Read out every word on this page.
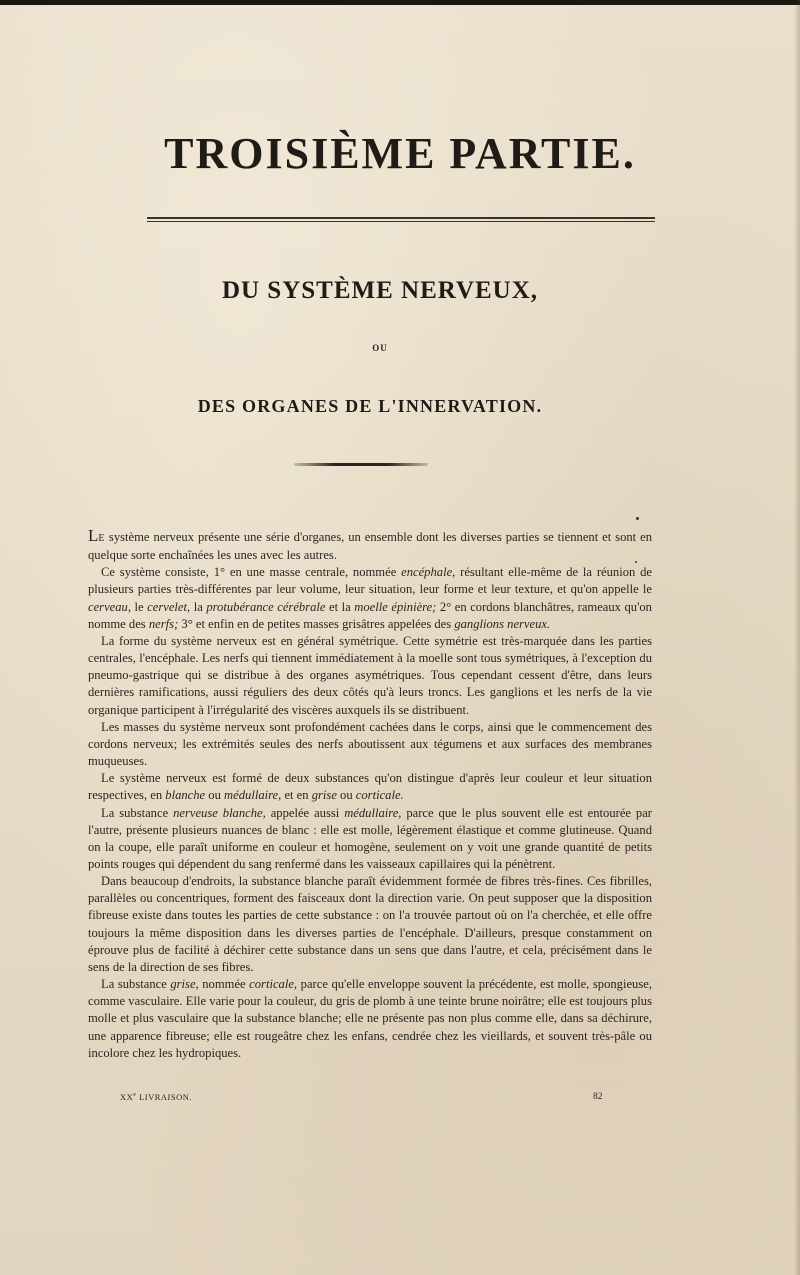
TROISIÈME PARTIE.
DU SYSTÈME NERVEUX,
OU
DES ORGANES DE L'INNERVATION.

LE système nerveux présente une série d'organes, un ensemble dont les diverses parties se tiennent et sont en quelque sorte enchaînées les unes avec les autres.

Ce système consiste, 1° en une masse centrale, nommée encéphale, résultant elle-même de la réunion de plusieurs parties très-différentes par leur volume, leur situation, leur forme et leur texture, et qu'on appelle le cerveau, le cervelet, la protubérance cérébrale et la moelle épinière; 2° en cordons blanchâtres, rameaux qu'on nomme des nerfs; 3° et enfin en de petites masses grisâtres appelées des ganglions nerveux.

La forme du système nerveux est en général symétrique. Cette symétrie est très-marquée dans les parties centrales, l'encéphale. Les nerfs qui tiennent immédiatement à la moelle sont tous symétriques, à l'exception du pneumo-gastrique qui se distribue à des organes asymétriques. Tous cependant cessent d'être, dans leurs dernières ramifications, aussi réguliers des deux côtés qu'à leurs troncs. Les ganglions et les nerfs de la vie organique participent à l'irrégularité des viscères auxquels ils se distribuent.

Les masses du système nerveux sont profondément cachées dans le corps, ainsi que le commencement des cordons nerveux; les extrémités seules des nerfs aboutissent aux tégumens et aux surfaces des membranes muqueuses.

Le système nerveux est formé de deux substances qu'on distingue d'après leur couleur et leur situation respectives, en blanche ou médullaire, et en grise ou corticale.

La substance nerveuse blanche, appelée aussi médullaire, parce que le plus souvent elle est entourée par l'autre, présente plusieurs nuances de blanc : elle est molle, légèrement élastique et comme glutineuse. Quand on la coupe, elle paraît uniforme en couleur et homogène, seulement on y voit une grande quantité de petits points rouges qui dépendent du sang renfermé dans les vaisseaux capillaires qui la pénètrent.

Dans beaucoup d'endroits, la substance blanche paraît évidemment formée de fibres très-fines. Ces fibrilles, parallèles ou concentriques, forment des faisceaux dont la direction varie. On peut supposer que la disposition fibreuse existe dans toutes les parties de cette substance : on l'a trouvée partout où on l'a cherchée, et elle offre toujours la même disposition dans les diverses parties de l'encéphale. D'ailleurs, presque constamment on éprouve plus de facilité à déchirer cette substance dans un sens que dans l'autre, et cela, précisément dans le sens de la direction de ses fibres.

La substance grise, nommée corticale, parce qu'elle enveloppe souvent la précédente, est molle, spongieuse, comme vasculaire. Elle varie pour la couleur, du gris de plomb à une teinte brune noirâtre; elle est toujours plus molle et plus vasculaire que la substance blanche; elle ne présente pas non plus comme elle, dans sa déchirure, une apparence fibreuse; elle est rougeâtre chez les enfans, cendrée chez les vieillards, et souvent très-pâle ou incolore chez les hydropiques.

XXe LIVRAISON.	82
